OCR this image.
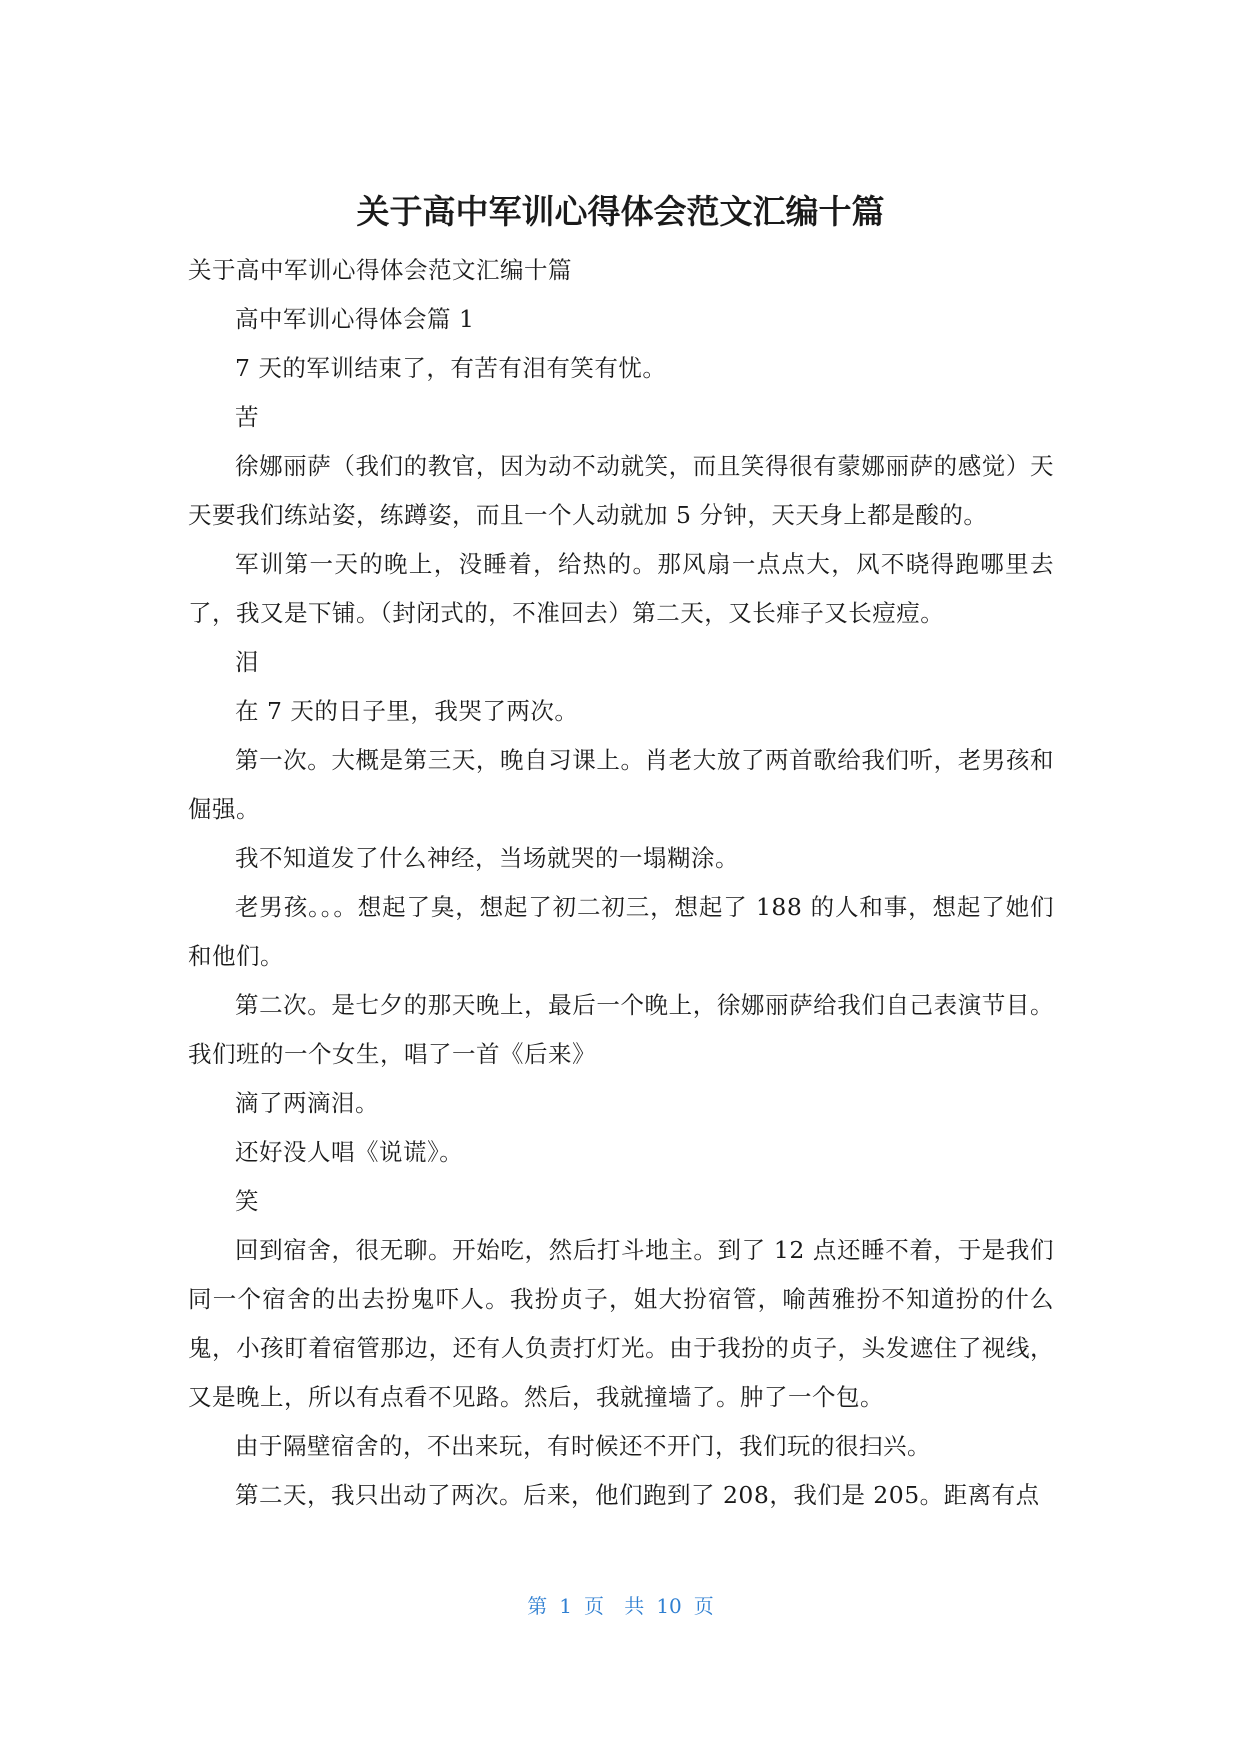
关于高中军训心得体会范文汇编十篇

关于高中军训心得体会范文汇编十篇

高中军训心得体会篇 1

7 天的军训结束了，有苦有泪有笑有忧。

苦

徐娜丽萨（我们的教官，因为动不动就笑，而且笑得很有蒙娜丽萨的感觉）天天要我们练站姿，练蹲姿，而且一个人动就加 5 分钟，天天身上都是酸的。

军训第一天的晚上，没睡着，给热的。那风扇一点点大，风不晓得跑哪里去了，我又是下铺。（封闭式的，不准回去）第二天，又长痱子又长痘痘。

泪

在 7 天的日子里，我哭了两次。

第一次。大概是第三天，晚自习课上。肖老大放了两首歌给我们听，老男孩和倔强。

我不知道发了什么神经，当场就哭的一塌糊涂。

老男孩。。。想起了臭，想起了初二初三，想起了 188 的人和事，想起了她们和他们。

第二次。是七夕的那天晚上，最后一个晚上，徐娜丽萨给我们自己表演节目。我们班的一个女生，唱了一首《后来》

滴了两滴泪。

还好没人唱《说谎》。

笑

回到宿舍，很无聊。开始吃，然后打斗地主。到了 12 点还睡不着，于是我们同一个宿舍的出去扮鬼吓人。我扮贞子，姐大扮宿管，喻茜雅扮不知道扮的什么鬼，小孩盯着宿管那边，还有人负责打灯光。由于我扮的贞子，头发遮住了视线，又是晚上，所以有点看不见路。然后，我就撞墙了。肿了一个包。

由于隔壁宿舍的，不出来玩，有时候还不开门，我们玩的很扫兴。

第二天，我只出动了两次。后来，他们跑到了 208，我们是 205。距离有点

第 1 页 共 10 页
